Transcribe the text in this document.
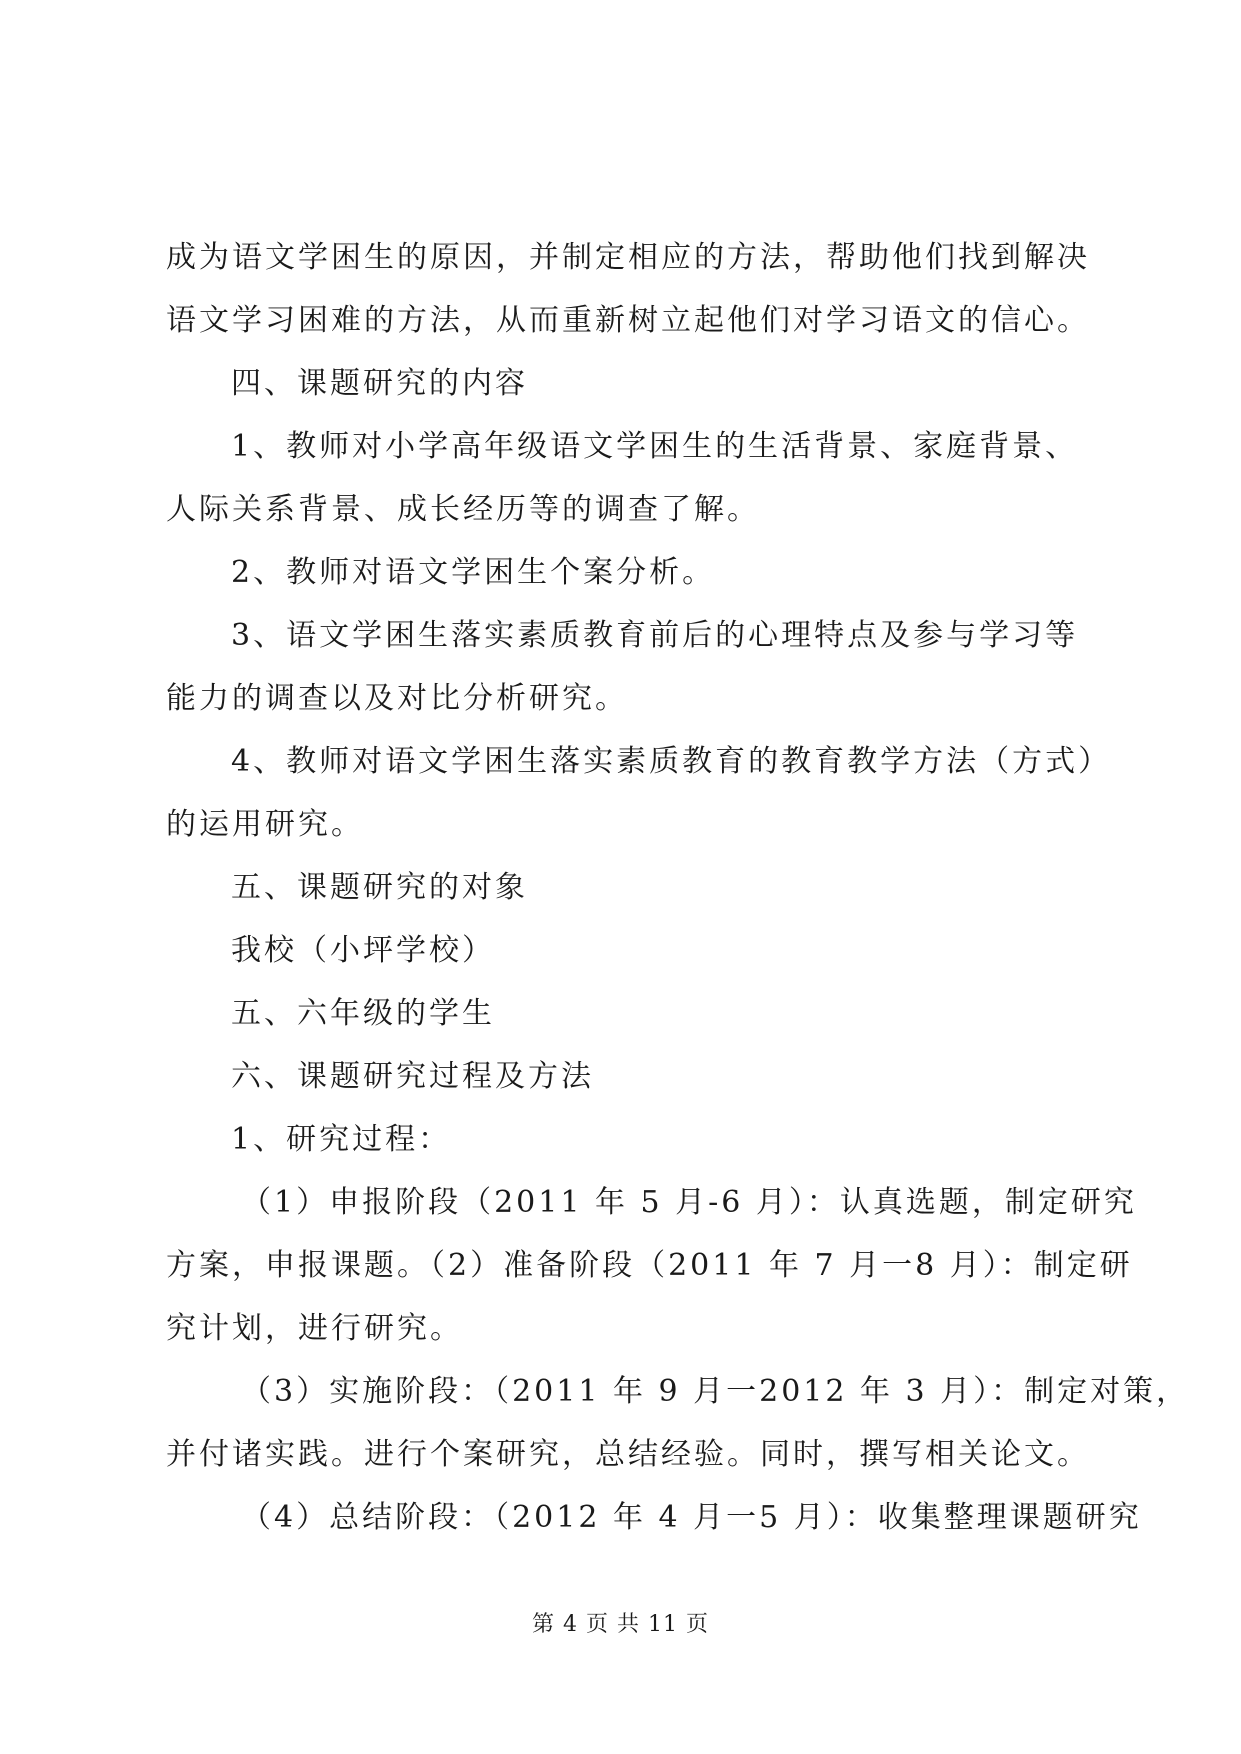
成为语文学困生的原因，并制定相应的方法，帮助他们找到解决
语文学习困难的方法，从而重新树立起他们对学习语文的信心。
四、课题研究的内容
1、教师对小学高年级语文学困生的生活背景、家庭背景、
人际关系背景、成长经历等的调查了解。
2、教师对语文学困生个案分析。
3、语文学困生落实素质教育前后的心理特点及参与学习等
能力的调查以及对比分析研究。
4、教师对语文学困生落实素质教育的教育教学方法（方式）
的运用研究。
五、课题研究的对象
我校（小坪学校）
五、六年级的学生
六、课题研究过程及方法
1、研究过程：
（1）申报阶段（2011 年 5 月-6 月）：认真选题，制定研究
方案，申报课题。（2）准备阶段（2011 年 7 月一8 月）：制定研
究计划，进行研究。
（3）实施阶段：（2011 年 9 月一2012 年 3 月）：制定对策，
并付诸实践。进行个案研究，总结经验。同时，撰写相关论文。
（4）总结阶段：（2012 年 4 月一5 月）：收集整理课题研究
第 4 页 共 11 页
